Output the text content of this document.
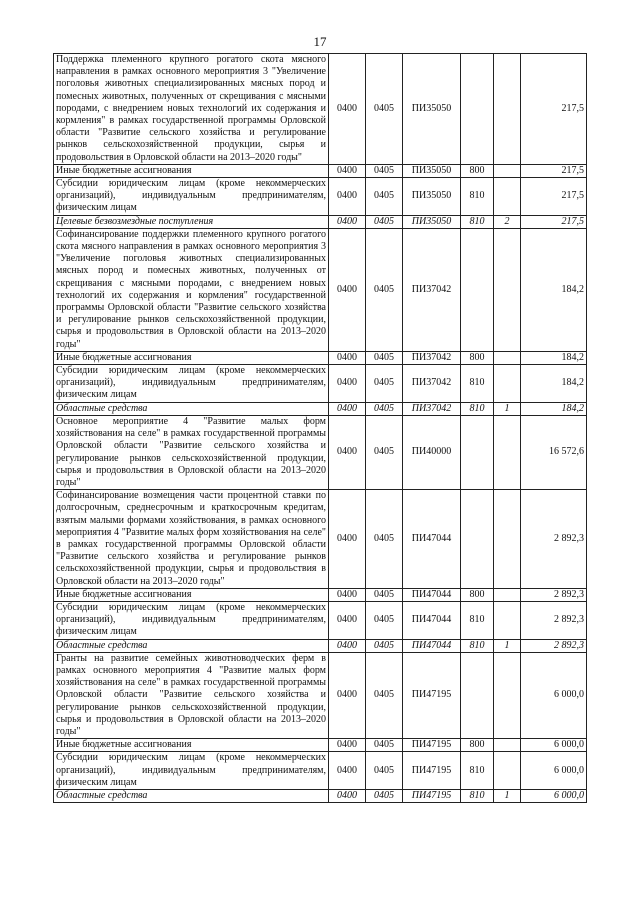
17
Поддержка племенного крупного рогатого скота мясного направления в рамках основного мероприятия 3 "Увеличение поголовья животных специализированных мясных пород и помесных животных, полученных от скрещивания с мясными породами, с внедрением новых технологий их содержания и кормления" в рамках государственной программы Орловской области "Развитие сельского хозяйства и регулирование рынков сельскохозяйственной продукции, сырья и продовольствия в Орловской области на 2013–2020 годы"	0400	0405	ПИ35050			217,5
Иные бюджетные ассигнования	0400	0405	ПИ35050	800		217,5
Субсидии юридическим лицам (кроме некоммерческих организаций), индивидуальным предпринимателям, физическим лицам	0400	0405	ПИ35050	810		217,5
Целевые безвозмездные поступления	0400	0405	ПИ35050	810	2	217,5
Софинансирование поддержки племенного крупного рогатого скота мясного направления в рамках основного мероприятия 3 "Увеличение поголовья животных специализированных мясных пород и помесных животных, полученных от скрещивания с мясными породами, с внедрением новых технологий их содержания и кормления" государственной программы Орловской области "Развитие сельского хозяйства и регулирование рынков сельскохозяйственной продукции, сырья и продовольствия в Орловской области на 2013–2020 годы"	0400	0405	ПИ37042			184,2
Иные бюджетные ассигнования	0400	0405	ПИ37042	800		184,2
Субсидии юридическим лицам (кроме некоммерческих организаций), индивидуальным предпринимателям, физическим лицам	0400	0405	ПИ37042	810		184,2
Областные средства	0400	0405	ПИ37042	810	1	184,2
Основное мероприятие 4 "Развитие малых форм хозяйствования на селе" в рамках государственной программы Орловской области "Развитие сельского хозяйства и регулирование рынков сельскохозяйственной продукции, сырья и продовольствия в Орловской области на 2013–2020 годы"	0400	0405	ПИ40000			16 572,6
Софинансирование возмещения части процентной ставки по долгосрочным, среднесрочным и краткосрочным кредитам, взятым малыми формами хозяйствования, в рамках основного мероприятия 4 "Развитие малых форм хозяйствования на селе" в рамках государственной программы Орловской области "Развитие сельского хозяйства и регулирование рынков сельскохозяйственной продукции, сырья и продовольствия в Орловской области на 2013–2020 годы"	0400	0405	ПИ47044			2 892,3
Иные бюджетные ассигнования	0400	0405	ПИ47044	800		2 892,3
Субсидии юридическим лицам (кроме некоммерческих организаций), индивидуальным предпринимателям, физическим лицам	0400	0405	ПИ47044	810		2 892,3
Областные средства	0400	0405	ПИ47044	810	1	2 892,3
Гранты на развитие семейных животноводческих ферм в рамках основного мероприятия 4 "Развитие малых форм хозяйствования на селе" в рамках государственной программы Орловской области "Развитие сельского хозяйства и регулирование рынков сельскохозяйственной продукции, сырья и продовольствия в Орловской области на 2013–2020 годы"	0400	0405	ПИ47195			6 000,0
Иные бюджетные ассигнования	0400	0405	ПИ47195	800		6 000,0
Субсидии юридическим лицам (кроме некоммерческих организаций), индивидуальным предпринимателям, физическим лицам	0400	0405	ПИ47195	810		6 000,0
Областные средства	0400	0405	ПИ47195	810	1	6 000,0
